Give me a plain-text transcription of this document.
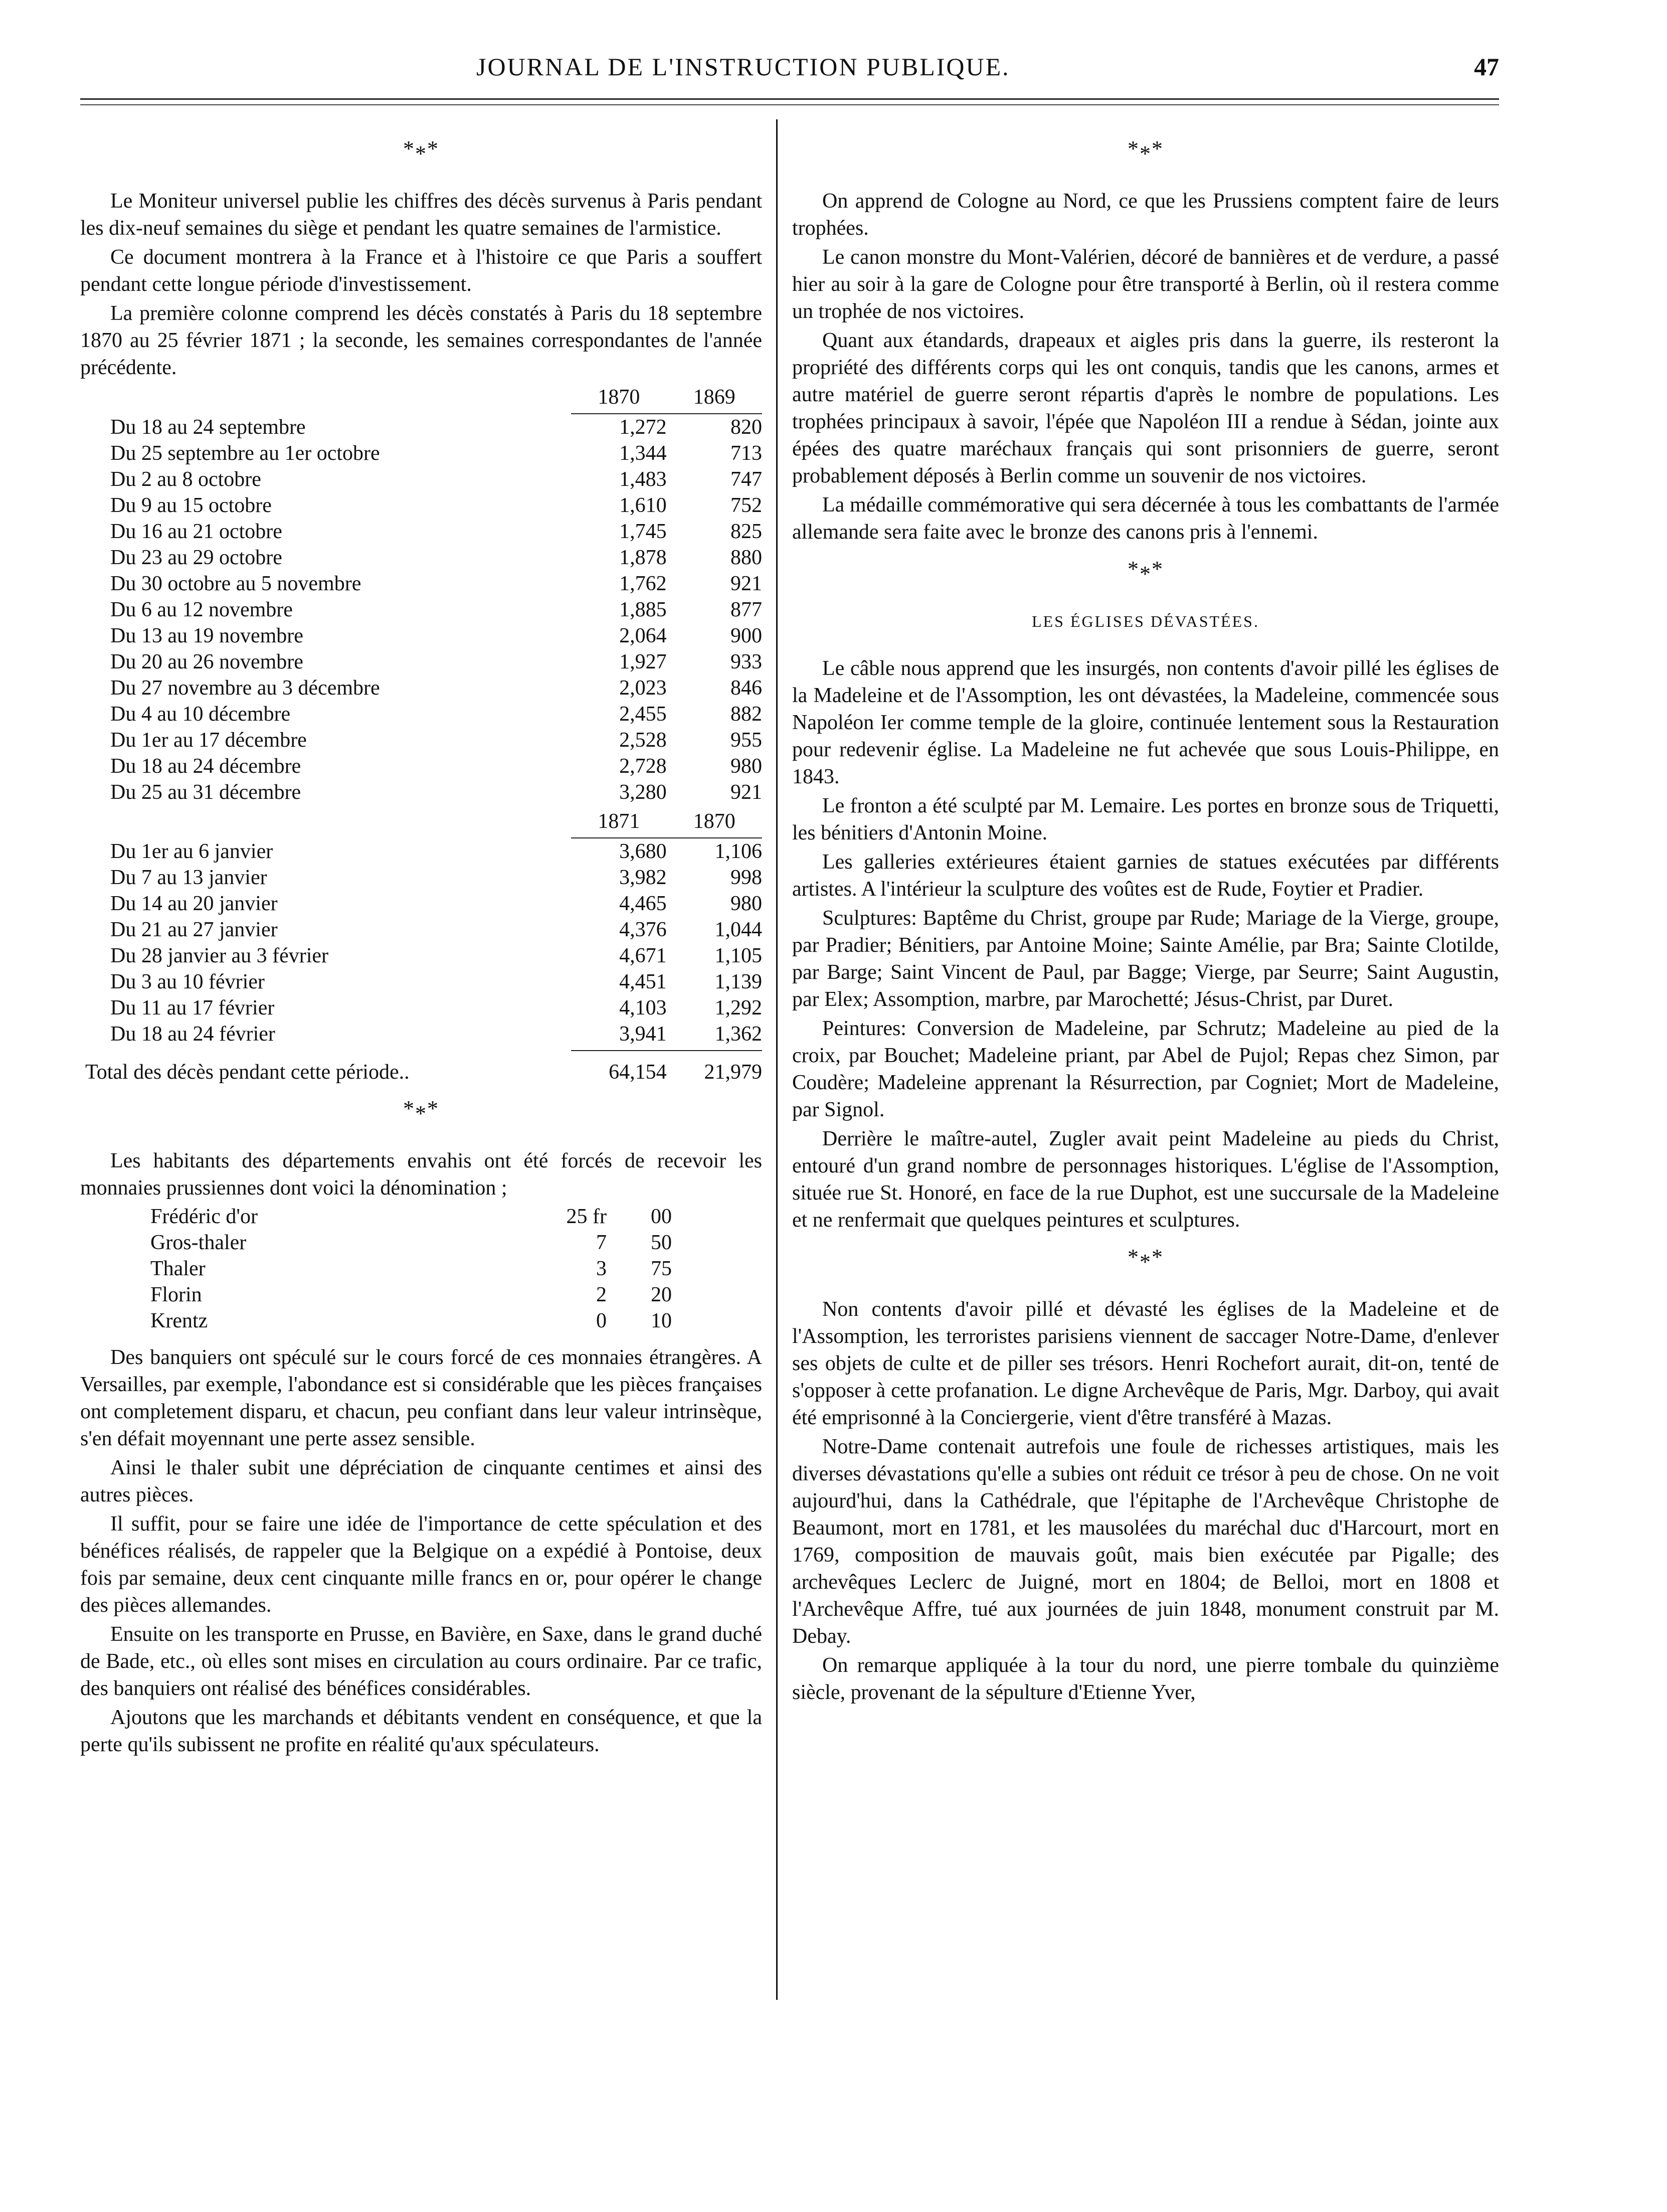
JOURNAL DE L'INSTRUCTION PUBLIQUE.	47
$*_**$

Le Moniteur universel publie les chiffres des décès survenus à Paris pendant les dix-neuf semaines du siège et pendant les quatre semaines de l'armistice.

Ce document montrera à la France et à l'histoire ce que Paris a souffert pendant cette longue période d'investissement.

La première colonne comprend les décès constatés à Paris du 18 septembre 1870 au 25 février 1871 ; la seconde, les semaines correspondantes de l'année précédente.

	1870	1869
Du 18 au 24 septembre	1,272	820
Du 25 septembre au 1er octobre	1,344	713
Du 2 au 8 octobre	1,483	747
Du 9 au 15 octobre	1,610	752
Du 16 au 21 octobre	1,745	825
Du 23 au 29 octobre	1,878	880
Du 30 octobre au 5 novembre	1,762	921
Du 6 au 12 novembre	1,885	877
Du 13 au 19 novembre	2,064	900
Du 20 au 26 novembre	1,927	933
Du 27 novembre au 3 décembre	2,023	846
Du 4 au 10 décembre	2,455	882
Du 1er au 17 décembre	2,528	955
Du 18 au 24 décembre	2,728	980
Du 25 au 31 décembre	3,280	921
	1871	1870
Du 1er au 6 janvier	3,680	1,106
Du 7 au 13 janvier	3,982	998
Du 14 au 20 janvier	4,465	980
Du 21 au 27 janvier	4,376	1,044
Du 28 janvier au 3 février	4,671	1,105
Du 3 au 10 février	4,451	1,139
Du 11 au 17 février	4,103	1,292
Du 18 au 24 février	3,941	1,362
Total des décès pendant cette période..	64,154	21,979
$*_**$

Les habitants des départements envahis ont été forcés de recevoir les monnaies prussiennes dont voici la dénomination ;

Frédéric d'or	25 fr	00
Gros-thaler	7	50
Thaler	3	75
Florin	2	20
Krentz	0	10

Des banquiers ont spéculé sur le cours forcé de ces monnaies étrangères. A Versailles, par exemple, l'abondance est si considérable que les pièces françaises ont completement disparu, et chacun, peu confiant dans leur valeur intrinsèque, s'en défait moyennant une perte assez sensible.

Ainsi le thaler subit une dépréciation de cinquante centimes et ainsi des autres pièces.

Il suffit, pour se faire une idée de l'importance de cette spéculation et des bénéfices réalisés, de rappeler que la Belgique on a expédié à Pontoise, deux fois par semaine, deux cent cinquante mille francs en or, pour opérer le change des pièces allemandes.

Ensuite on les transporte en Prusse, en Bavière, en Saxe, dans le grand duché de Bade, etc., où elles sont mises en circulation au cours ordinaire. Par ce trafic, des banquiers ont réalisé des bénéfices considérables.

Ajoutons que les marchands et débitants vendent en conséquence, et que la perte qu'ils subissent ne profite en réalité qu'aux spéculateurs.

$*_**$

On apprend de Cologne au Nord, ce que les Prussiens comptent faire de leurs trophées.

Le canon monstre du Mont-Valérien, décoré de bannières et de verdure, a passé hier au soir à la gare de Cologne pour être transporté à Berlin, où il restera comme un trophée de nos victoires.

Quant aux étandards, drapeaux et aigles pris dans la guerre, ils resteront la propriété des différents corps qui les ont conquis, tandis que les canons, armes et autre matériel de guerre seront répartis d'après le nombre de populations. Les trophées principaux à savoir, l'épée que Napoléon III a rendue à Sédan, jointe aux épées des quatre maréchaux français qui sont prisonniers de guerre, seront probablement déposés à Berlin comme un souvenir de nos victoires.

La médaille commémorative qui sera décernée à tous les combattants de l'armée allemande sera faite avec le bronze des canons pris à l'ennemi.

$*_**$
LES ÉGLISES DÉVASTÉES.

Le câble nous apprend que les insurgés, non contents d'avoir pillé les églises de la Madeleine et de l'Assomption, les ont dévastées, la Madeleine, commencée sous Napoléon Ier comme temple de la gloire, continuée lentement sous la Restauration pour redevenir église. La Madeleine ne fut achevée que sous Louis-Philippe, en 1843.

Le fronton a été sculpté par M. Lemaire. Les portes en bronze sous de Triquetti, les bénitiers d'Antonin Moine.

Les galleries extérieures étaient garnies de statues exécutées par différents artistes. A l'intérieur la sculpture des voûtes est de Rude, Foytier et Pradier.

Sculptures: Baptême du Christ, groupe par Rude; Mariage de la Vierge, groupe, par Pradier; Bénitiers, par Antoine Moine; Sainte Amélie, par Bra; Sainte Clotilde, par Barge; Saint Vincent de Paul, par Bagge; Vierge, par Seurre; Saint Augustin, par Elex; Assomption, marbre, par Marochetté; Jésus-Christ, par Duret.

Peintures: Conversion de Madeleine, par Schrutz; Madeleine au pied de la croix, par Bouchet; Madeleine priant, par Abel de Pujol; Repas chez Simon, par Coudère; Madeleine apprenant la Résurrection, par Cogniet; Mort de Madeleine, par Signol.

Derrière le maître-autel, Zugler avait peint Madeleine au pieds du Christ, entouré d'un grand nombre de personnages historiques. L'église de l'Assomption, située rue St. Honoré, en face de la rue Duphot, est une succursale de la Madeleine et ne renfermait que quelques peintures et sculptures.

$*_**$

Non contents d'avoir pillé et dévasté les églises de la Madeleine et de l'Assomption, les terroristes parisiens viennent de saccager Notre-Dame, d'enlever ses objets de culte et de piller ses trésors. Henri Rochefort aurait, dit-on, tenté de s'opposer à cette profanation. Le digne Archevêque de Paris, Mgr. Darboy, qui avait été emprisonné à la Conciergerie, vient d'être transféré à Mazas.

Notre-Dame contenait autrefois une foule de richesses artistiques, mais les diverses dévastations qu'elle a subies ont réduit ce trésor à peu de chose. On ne voit aujourd'hui, dans la Cathédrale, que l'épitaphe de l'Archevêque Christophe de Beaumont, mort en 1781, et les mausolées du maréchal duc d'Harcourt, mort en 1769, composition de mauvais goût, mais bien exécutée par Pigalle; des archevêques Leclerc de Juigné, mort en 1804; de Belloi, mort en 1808 et l'Archevêque Affre, tué aux journées de juin 1848, monument construit par M. Debay.

On remarque appliquée à la tour du nord, une pierre tombale du quinzième siècle, provenant de la sépulture d'Etienne Yver,
